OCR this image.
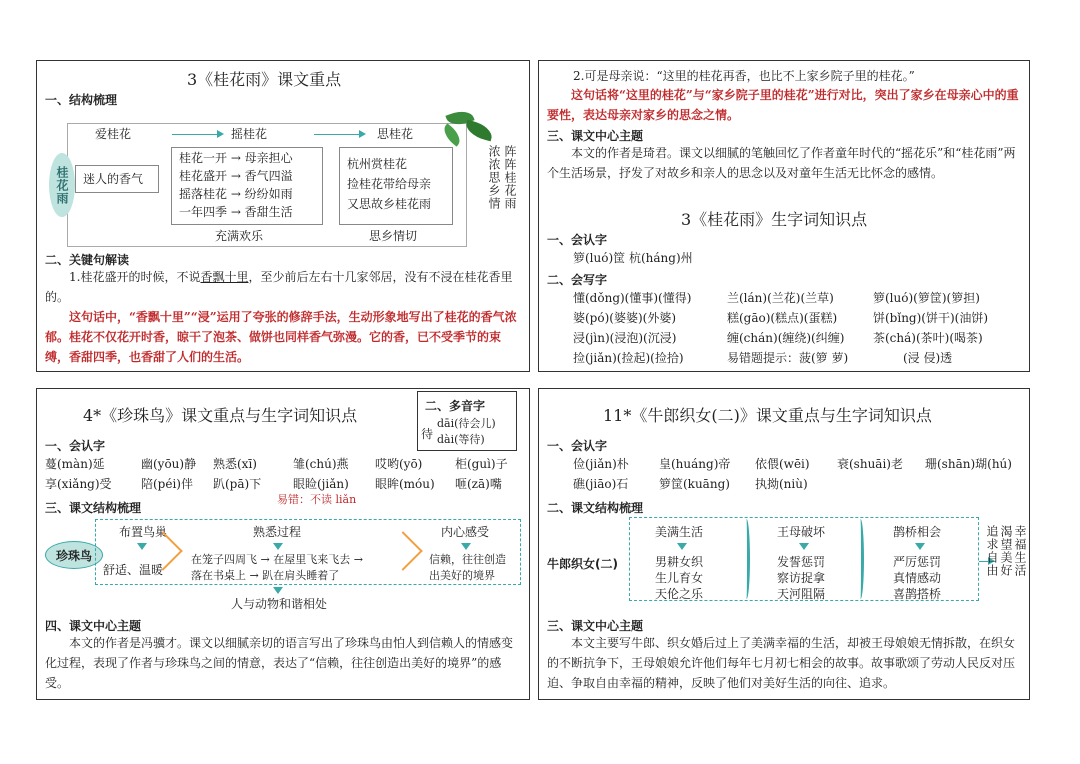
3《桂花雨》课文重点
一、结构梳理
桂花雨
爱桂花	摇桂花	思桂花
迷人的香气
桂花一开 → 母亲担心
桂花盛开 → 香气四溢
摇落桂花 → 纷纷如雨
一年四季 → 香甜生活
充满欢乐
杭州赏桂花
捡桂花带给母亲
又思故乡桂花雨
思乡情切
阵阵桂花雨
浓浓思乡情
二、关键句解读
1.桂花盛开的时候，不说香飘十里，至少前后左右十几家邻居，没有不浸在桂花香里的。
这句话中，“香飘十里”“浸”运用了夸张的修辞手法，生动形象地写出了桂花的香气浓郁。桂花不仅花开时香，晾干了泡茶、做饼也同样香气弥漫。它的香，已不受季节的束缚，香甜四季，也香甜了人们的生活。
2.可是母亲说：“这里的桂花再香，也比不上家乡院子里的桂花。”
这句话将“这里的桂花”与“家乡院子里的桂花”进行对比，突出了家乡在母亲心中的重要性，表达母亲对家乡的思念之情。
三、课文中心主题
本文的作者是琦君。课文以细腻的笔触回忆了作者童年时代的“摇花乐”和“桂花雨”两个生活场景，抒发了对故乡和亲人的思念以及对童年生活无比怀念的感情。
3《桂花雨》生字词知识点
一、会认字
箩(luó)筐 杭(háng)州
二、会写字
懂(dǒng)(懂事)(懂得)	兰(lán)(兰花)(兰草)	箩(luó)(箩筐)(箩担)
婆(pó)(婆婆)(外婆)	糕(gāo)(糕点)(蛋糕)	饼(bǐng)(饼干)(油饼)
浸(jìn)(浸泡)(沉浸)	缠(chán)(缠绕)(纠缠) 茶(chá)(茶叶)(喝茶)
捡(jiǎn)(捡起)(捡拾)	易错题提示：菠(箩 萝)	(浸 侵)透
4*《珍珠鸟》课文重点与生字词知识点	二、多音字
待
dāi(待会儿)
dài(等待)
一、会认字
蔓(màn)延	幽(yōu)静 熟悉(xī)	雏(chú)燕 哎哟(yō)	柜(guì)子
享(xiǎng)受 陪(péi)伴 趴(pā)下	眼睑(jiǎn) 眼眸(móu) 咂(zā)嘴
易错：不读 liǎn
三、课文结构梳理
珍珠鸟
布置鸟巢
舒适、温暖
熟悉过程
在笼子四周飞 → 在屋里飞来飞去 →
落在书桌上 → 趴在肩头睡着了
内心感受
信赖，往往创造
出美好的境界
人与动物和谐相处
四、课文中心主题
本文的作者是冯骥才。课文以细腻亲切的语言写出了珍珠鸟由怕人到信赖人的情感变化过程，表现了作者与珍珠鸟之间的情意，表达了“信赖，往往创造出美好的境界”的感受。
11*《牛郎织女(二)》课文重点与生字词知识点
一、会认字
俭(jiǎn)朴	皇(huáng)帝 依偎(wēi) 衰(shuāi)老 珊(shān)瑚(hú)
礁(jiāo)石	箩筐(kuāng) 执拗(niù)
二、课文结构梳理
牛郎织女(二)
美满生活
男耕女织
生儿育女
天伦之乐
王母破坏
发誓惩罚
察访捉拿
天河阻隔
鹊桥相会
严厉惩罚
真情感动
喜鹊搭桥
幸福生活
渴望美好
追求自由
三、课文中心主题
本文主要写牛郎、织女婚后过上了美满幸福的生活，却被王母娘娘无情拆散，在织女的不断抗争下，王母娘娘允许他们每年七月初七相会的故事。故事歌颂了劳动人民反对压迫、争取自由幸福的精神，反映了他们对美好生活的向往、追求。
